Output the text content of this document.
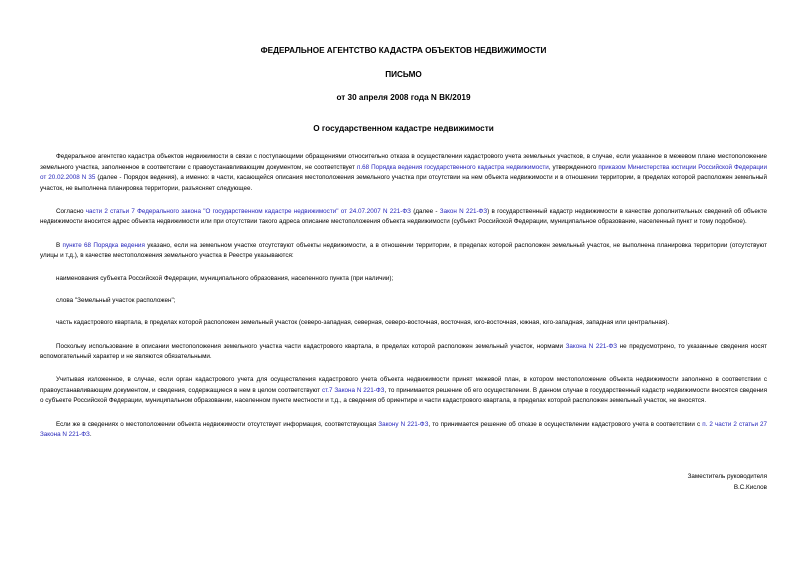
ФЕДЕРАЛЬНОЕ АГЕНТСТВО КАДАСТРА ОБЪЕКТОВ НЕДВИЖИМОСТИ
ПИСЬМО
от 30 апреля 2008 года N ВК/2019
О государственном кадастре недвижимости

Федеральное агентство кадастра объектов недвижимости в связи с поступающими обращениями относительно отказа в осуществлении кадастрового учета земельных участков, в случае, если указанное в межевом плане местоположение земельного участка, заполненное в соответствии с правоустанавливающим документом, не соответствует п.68 Порядка ведения государственного кадастра недвижимости, утвержденного приказом Министерства юстиции Российской Федерации от 20.02.2008 N 35 (далее - Порядок ведения), а именно: в части, касающейся описания местоположения земельного участка при отсутствии на нем объекта недвижимости и в отношении территории, в пределах которой расположен земельный участок, не выполнена планировка территории, разъясняет следующее.

Согласно части 2 статьи 7 Федерального закона "О государственном кадастре недвижимости" от 24.07.2007 N 221-ФЗ (далее - Закон N 221-ФЗ) в государственный кадастр недвижимости в качестве дополнительных сведений об объекте недвижимости вносится адрес объекта недвижимости или при отсутствии такого адреса описание местоположения объекта недвижимости (субъект Российской Федерации, муниципальное образование, населенный пункт и тому подобное).

В пункте 68 Порядка ведения указано, если на земельном участке отсутствуют объекты недвижимости, а в отношении территории, в пределах которой расположен земельный участок, не выполнена планировка территории (отсутствуют улицы и т.д.), в качестве местоположения земельного участка в Реестре указываются:

наименования субъекта Российской Федерации, муниципального образования, населенного пункта (при наличии);

слова "Земельный участок расположен";

часть кадастрового квартала, в пределах которой расположен земельный участок (северо-западная, северная, северо-восточная, восточная, юго-восточная, южная, юго-западная, западная или центральная).

Поскольку использование в описании местоположения земельного участка части кадастрового квартала, в пределах которой расположен земельный участок, нормами Закона N 221-ФЗ не предусмотрено, то указанные сведения носят вспомогательный характер и не являются обязательными.

Учитывая изложенное, в случае, если орган кадастрового учета для осуществления кадастрового учета объекта недвижимости принят межевой план, в котором местоположение объекта недвижимости заполнено в соответствии с правоустанавливающим документом, и сведения, содержащиеся в нем в целом соответствуют ст.7 Закона N 221-ФЗ, то принимается решение об его осуществлении. В данном случае в государственный кадастр недвижимости вносятся сведения о субъекте Российской Федерации, муниципальном образовании, населенном пункте местности и т.д., а сведения об ориентире и части кадастрового квартала, в пределах которой расположен земельный участок, не вносятся.

Если же в сведениях о местоположении объекта недвижимости отсутствует информация, соответствующая Закону N 221-ФЗ, то принимается решение об отказе в осуществлении кадастрового учета в соответствии с п. 2 части 2 статьи 27 Закона N 221-ФЗ.

Заместитель руководителя
В.С.Кислов
